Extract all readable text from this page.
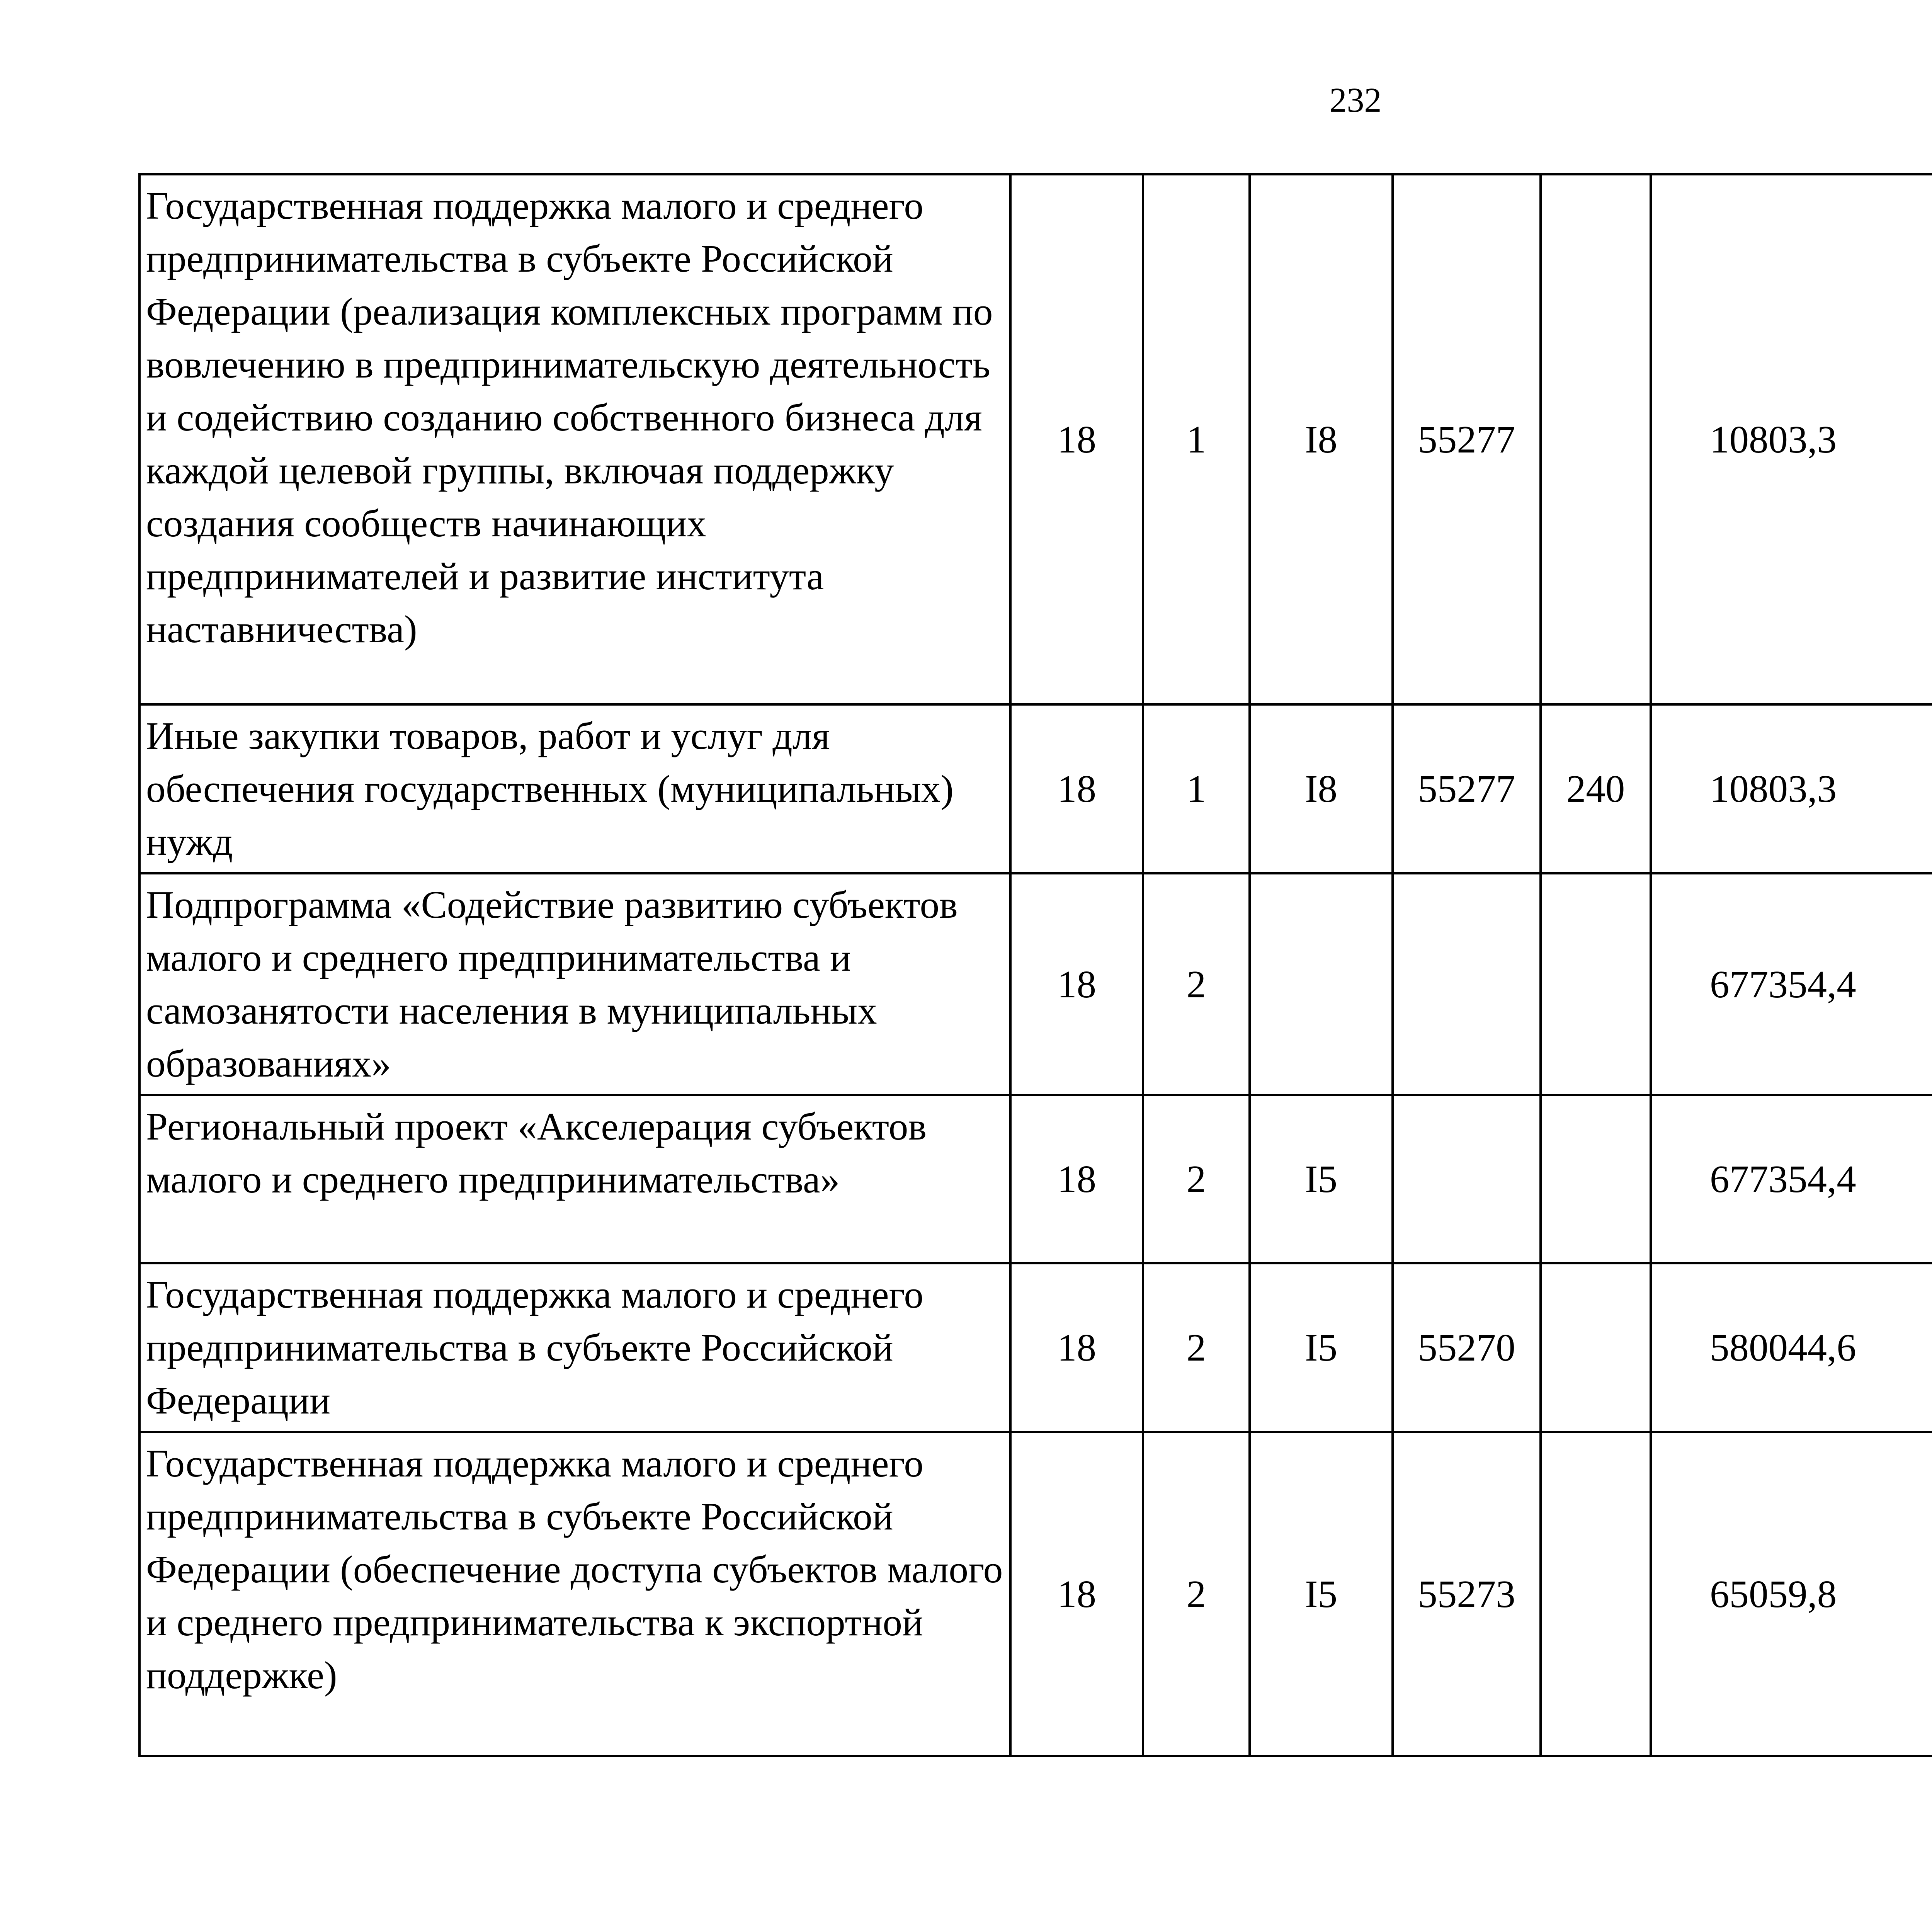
232
Государственная поддержка малого и среднего предпринимательства в субъекте Российской Федерации (реализация комплексных программ по вовлечению в предпринимательскую деятельность и содействию созданию собственного бизнеса для каждой целевой группы, включая поддержку создания сообществ начинающих предпринимателей и развитие института наставничества)	18	1	I8	55277		10803,3		
Иные закупки товаров, работ и услуг для обеспечения государственных (муниципальных) нужд	18	1	I8	55277	240	10803,3		
Подпрограмма «Содействие развитию субъектов малого и среднего предпринимательства и самозанятости населения в муниципальных образованиях»	18	2				677354,4		
Региональный проект «Акселерация субъектов малого и среднего предпринимательства»	18	2	I5			677354,4		
Государственная поддержка малого и среднего предпринимательства в субъекте Российской Федерации	18	2	I5	55270		580044,6		
Государственная поддержка малого и среднего предпринимательства в субъекте Российской Федерации (обеспечение доступа субъектов малого и среднего предпринимательства к экспортной поддержке)	18	2	I5	55273		65059,8		
